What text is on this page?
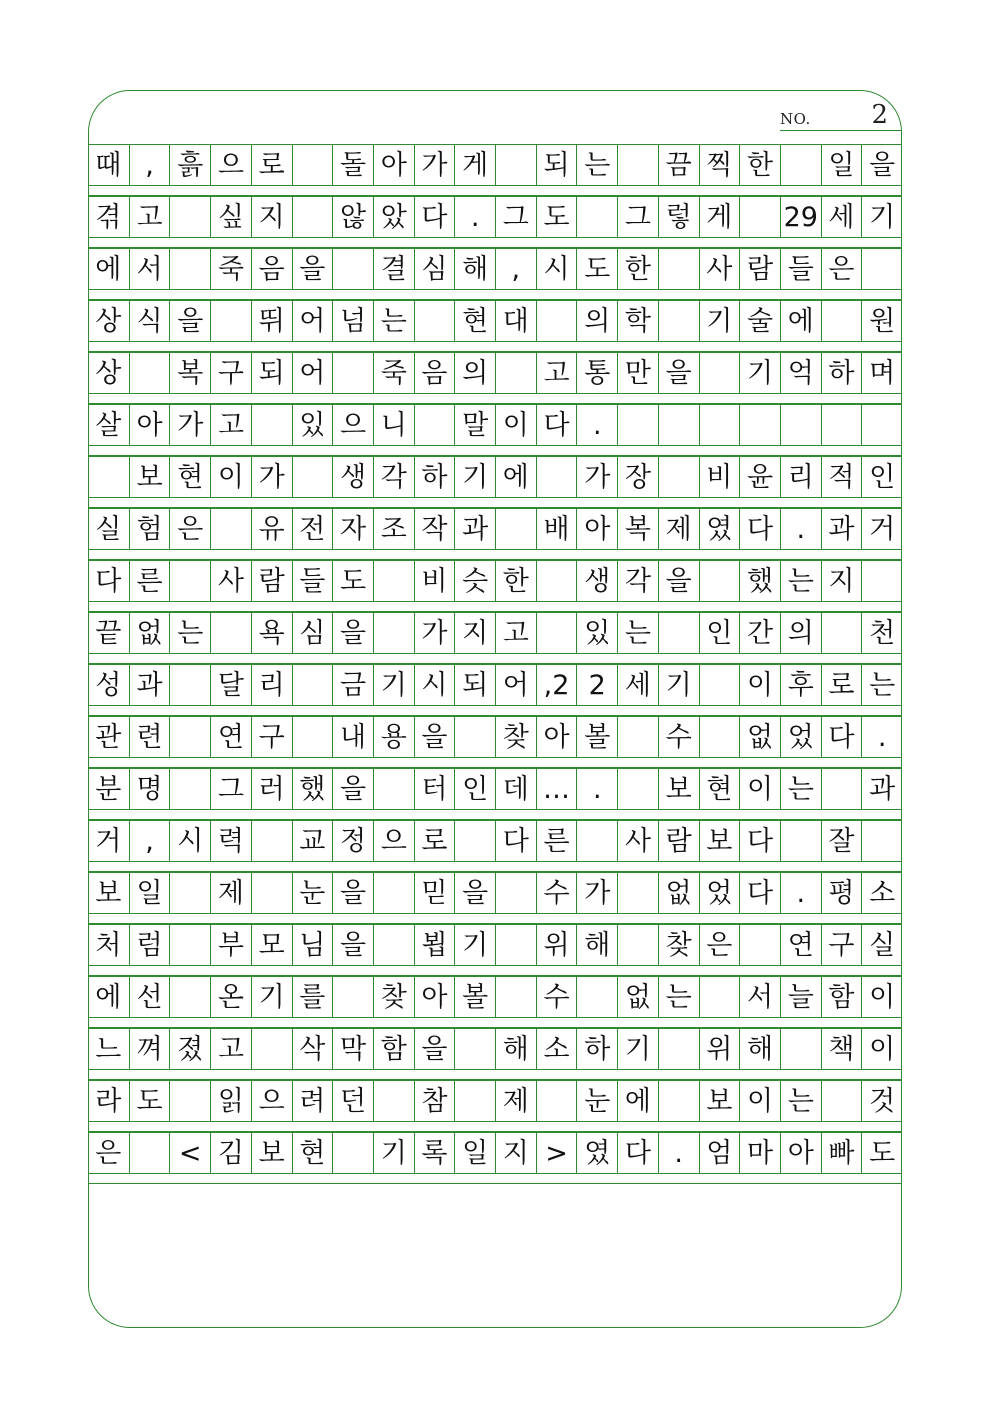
NO. 2
때 , 흙 으 로 돌 아 가 게 되 는 끔 찍 한 일 을
겪 고 싶 지 않 았 다 . 그 도 그 렇 게 29 세 기
에 서 죽 음 을 결 심 해 , 시 도 한 사 람 들 은
상 식 을 뛰 어 넘 는 현 대 의 학 기 술 에 원
상 복 구 되 어 죽 음 의 고 통 만 을 기 억 하 며
살 아 가 고 있 으 니 말 이 다 .
보 현 이 가 생 각 하 기 에 가 장 비 윤 리 적 인
실 험 은 유 전 자 조 작 과 배 아 복 제 였 다 . 과 거
다 른 사 람 들 도 비 슷 한 생 각 을 했 는 지
끝 없 는 욕 심 을 가 지 고 있 는 인 간 의 천
성 과 달 리 금 기 시 되 어 ,2 2 세 기 이 후 로 는
관 련 연 구 내 용 을 찾 아 볼 수 없 었 다 .
분 명 그 러 했 을 터 인 데 … .	보 현 이 는 과
거 , 시 력 교 정 으 로 다 른 사 람 보 다 잘
보 일 제 눈 을 믿 을 수 가 없 었 다 . 평 소
처 럼 부 모 님 을 뵙 기 위 해 찾 은 연 구 실
에 선 온 기 를 찾 아 볼 수 없 는 서 늘 함 이
느 껴 졌 고 삭 막 함 을 해 소 하 기 위 해 책 이
라 도 읽 으 려 던 참 제 눈 에 보 이 는 것
은	< 김 보 현 기 록 일 지 > 였 다 . 엄 마 아 빠 도
